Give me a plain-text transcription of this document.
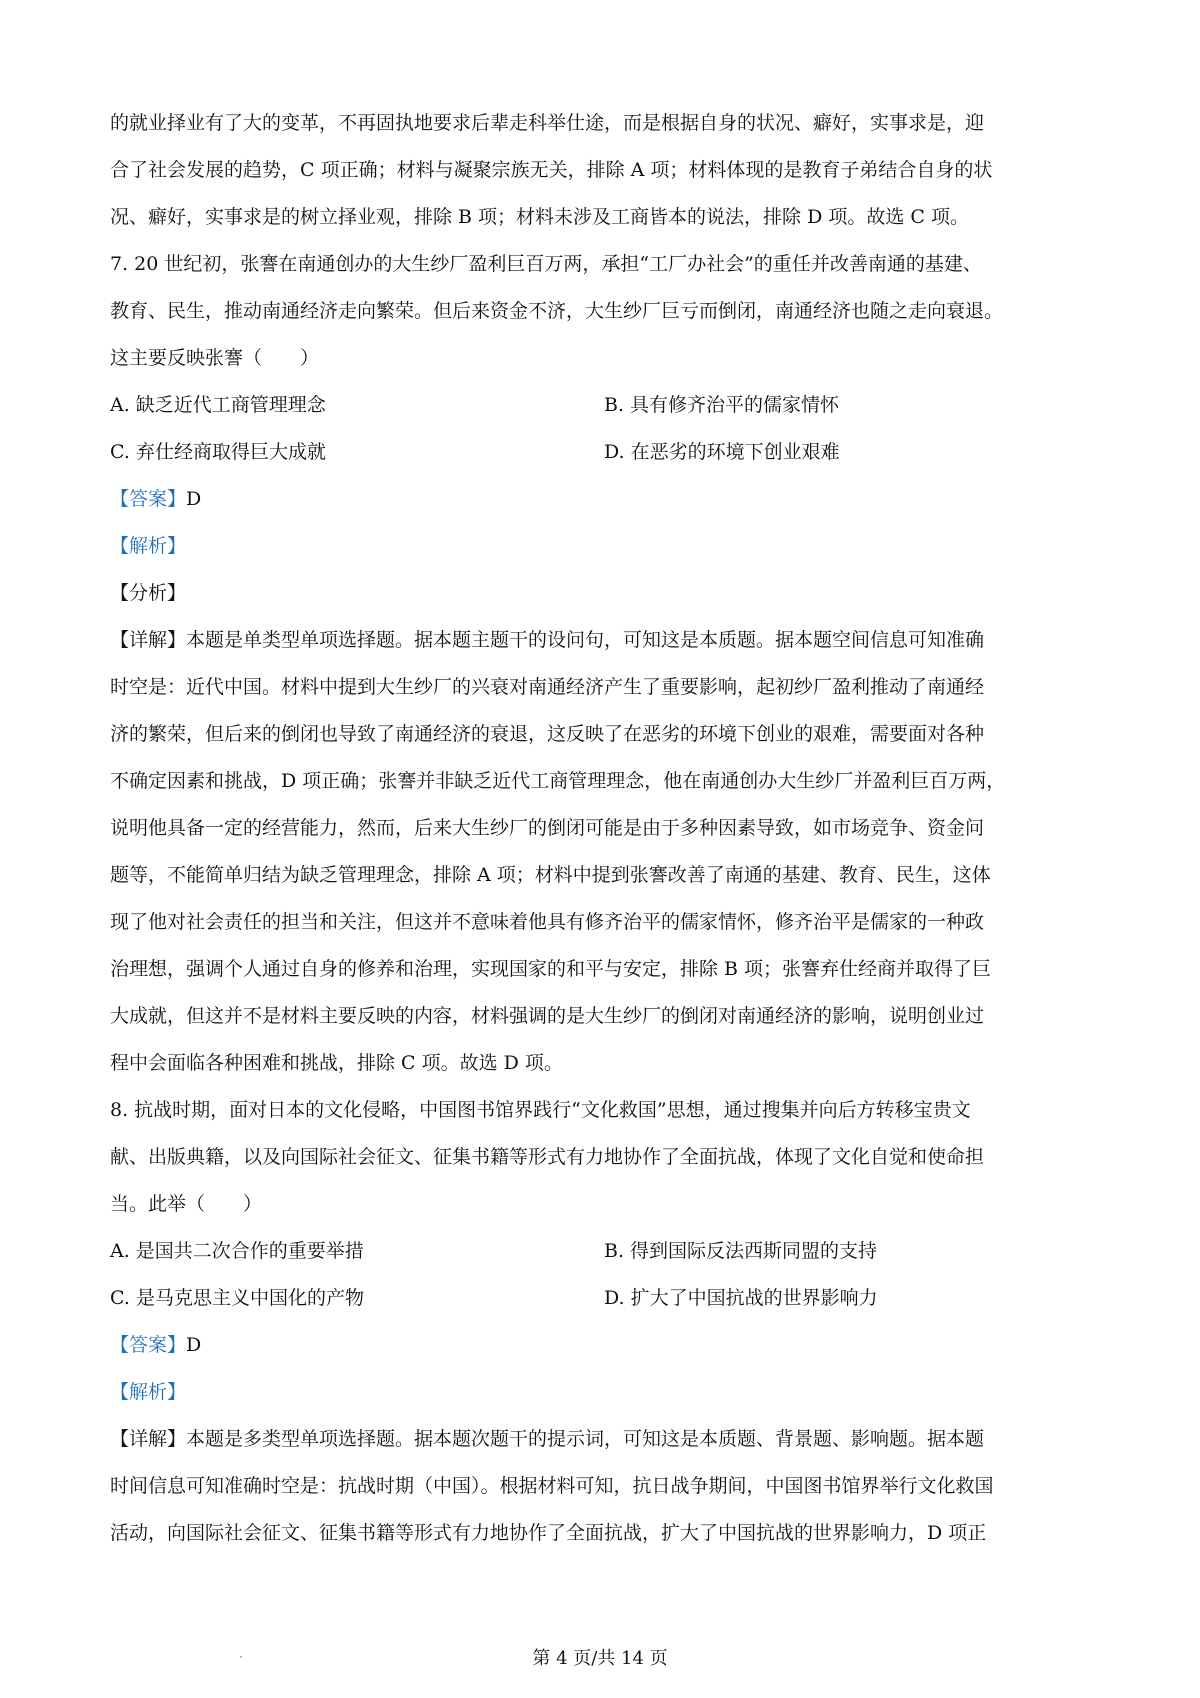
的就业择业有了大的变革，不再固执地要求后辈走科举仕途，而是根据自身的状况、癖好，实事求是，迎

合了社会发展的趋势，C 项正确；材料与凝聚宗族无关，排除 A 项；材料体现的是教育子弟结合自身的状

况、癖好，实事求是的树立择业观，排除 B 项；材料未涉及工商皆本的说法，排除 D 项。故选 C 项。

7. 20 世纪初，张謇在南通创办的大生纱厂盈利巨百万两，承担“工厂办社会”的重任并改善南通的基建、

教育、民生，推动南通经济走向繁荣。但后来资金不济，大生纱厂巨亏而倒闭，南通经济也随之走向衰退。

这主要反映张謇（　　）

A. 缺乏近代工商管理理念	B. 具有修齐治平的儒家情怀
C. 弃仕经商取得巨大成就	D. 在恶劣的环境下创业艰难

【答案】D

【解析】

【分析】

【详解】本题是单类型单项选择题。据本题主题干的设问句，可知这是本质题。据本题空间信息可知准确

时空是：近代中国。材料中提到大生纱厂的兴衰对南通经济产生了重要影响，起初纱厂盈利推动了南通经

济的繁荣，但后来的倒闭也导致了南通经济的衰退，这反映了在恶劣的环境下创业的艰难，需要面对各种

不确定因素和挑战，D 项正确；张謇并非缺乏近代工商管理理念，他在南通创办大生纱厂并盈利巨百万两，

说明他具备一定的经营能力，然而，后来大生纱厂的倒闭可能是由于多种因素导致，如市场竞争、资金问

题等，不能简单归结为缺乏管理理念，排除 A 项；材料中提到张謇改善了南通的基建、教育、民生，这体

现了他对社会责任的担当和关注，但这并不意味着他具有修齐治平的儒家情怀，修齐治平是儒家的一种政

治理想，强调个人通过自身的修养和治理，实现国家的和平与安定，排除 B 项；张謇弃仕经商并取得了巨

大成就，但这并不是材料主要反映的内容，材料强调的是大生纱厂的倒闭对南通经济的影响，说明创业过

程中会面临各种困难和挑战，排除 C 项。故选 D 项。

8. 抗战时期，面对日本的文化侵略，中国图书馆界践行“文化救国”思想，通过搜集并向后方转移宝贵文

献、出版典籍，以及向国际社会征文、征集书籍等形式有力地协作了全面抗战，体现了文化自觉和使命担

当。此举（　　）

A. 是国共二次合作的重要举措	B. 得到国际反法西斯同盟的支持
C. 是马克思主义中国化的产物	D. 扩大了中国抗战的世界影响力

【答案】D

【解析】

【详解】本题是多类型单项选择题。据本题次题干的提示词，可知这是本质题、背景题、影响题。据本题

时间信息可知准确时空是：抗战时期（中国）。根据材料可知，抗日战争期间，中国图书馆界举行文化救国

活动，向国际社会征文、征集书籍等形式有力地协作了全面抗战，扩大了中国抗战的世界影响力，D 项正

第 4 页/共 14 页
